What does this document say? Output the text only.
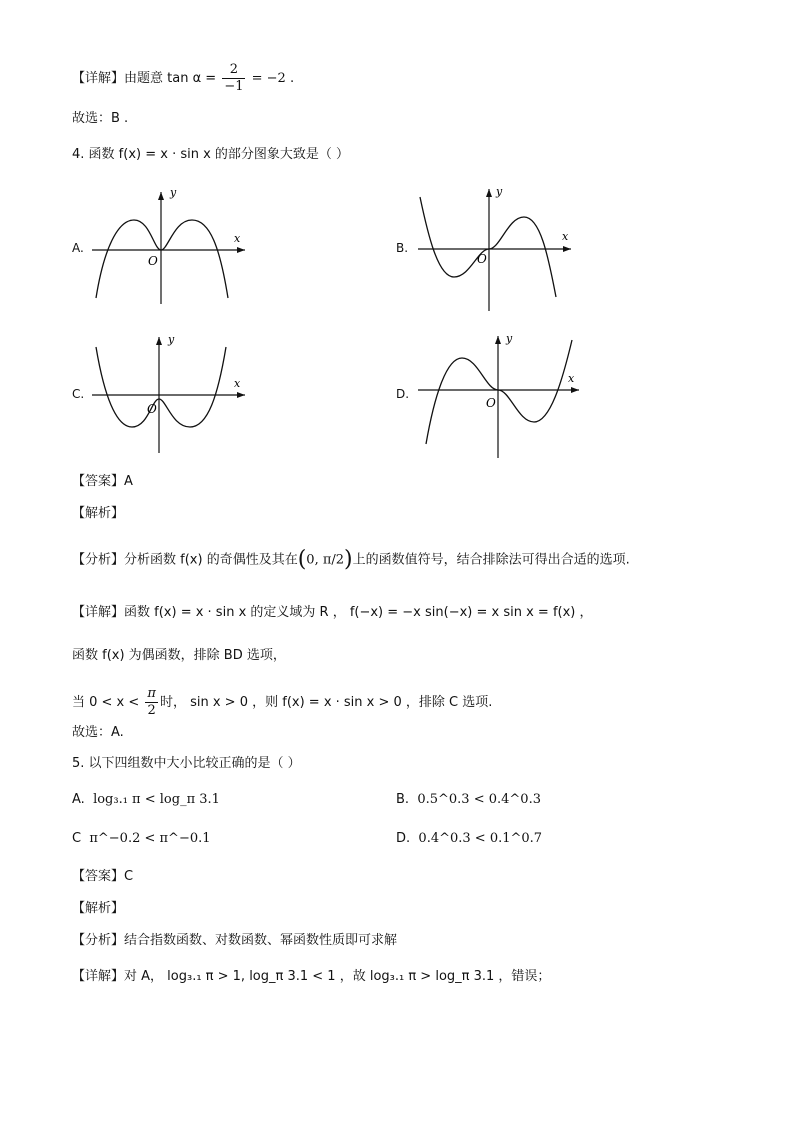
【详解】由题意 $\tan \alpha = \frac{2}{-1} = -2$ .
故选：B .
4. 函数 f(x) = x · sin x 的部分图象大致是（ ）
A.
y
x
O
B.
y
x
O
C.
y
x
O
D.
y
x
O
【答案】A
【解析】
【分析】分析函数 f(x) 的奇偶性及其在(0, π/2)上的函数值符号，结合排除法可得出合适的选项.
【详解】函数 f(x) = x · sin x 的定义域为 R ， f(−x) = −x sin(−x) = x sin x = f(x) ，
函数 f(x) 为偶函数，排除 BD 选项，
当 $0 < x < \frac{\pi}{2}$ 时， sin x > 0 ，则 f(x) = x · sin x > 0 ，排除 C 选项.
故选：A.
5. 以下四组数中大小比较正确的是（ ）
A. log₃.₁ π < log_π 3.1	B. 0.5^0.3 < 0.4^0.3
C π^−0.2 < π^−0.1	D. 0.4^0.3 < 0.1^0.7
【答案】C
【解析】
【分析】结合指数函数、对数函数、幂函数性质即可求解
【详解】对 A， log₃.₁ π > 1, log_π 3.1 < 1 ，故 log₃.₁ π > log_π 3.1 ，错误；
